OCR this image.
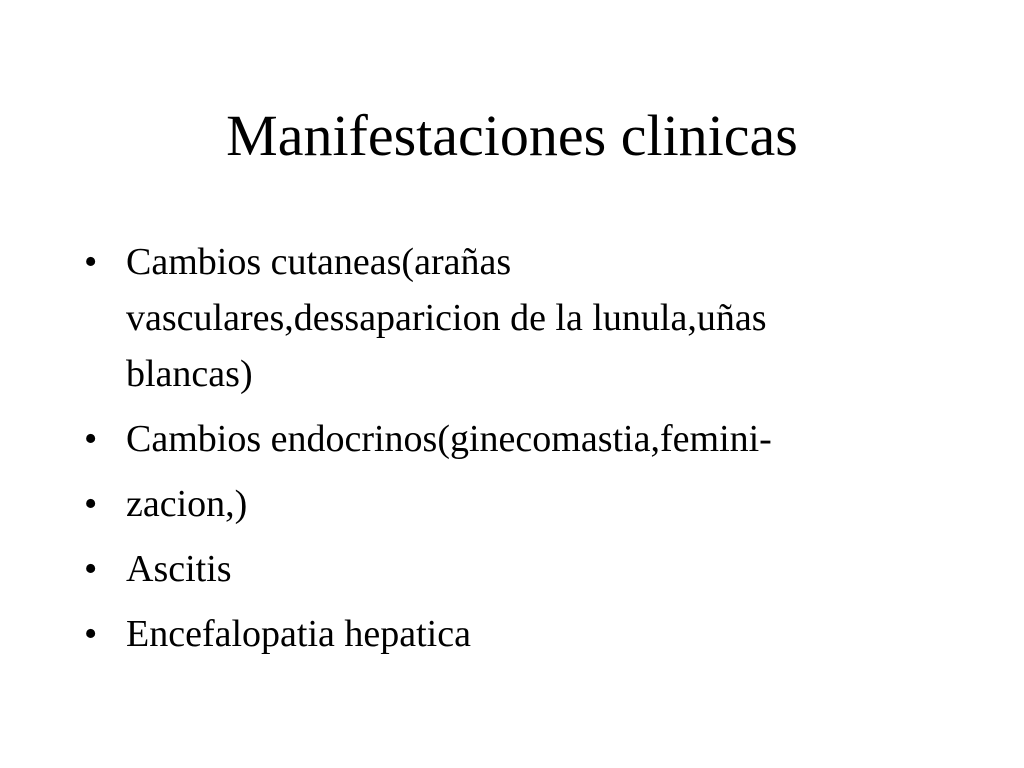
Manifestaciones clinicas
• Cambios cutaneas(arañas
vasculares,dessaparicion de la lunula,uñas
blancas)
• Cambios endocrinos(ginecomastia,femini-
• zacion,)
• Ascitis
• Encefalopatia hepatica
